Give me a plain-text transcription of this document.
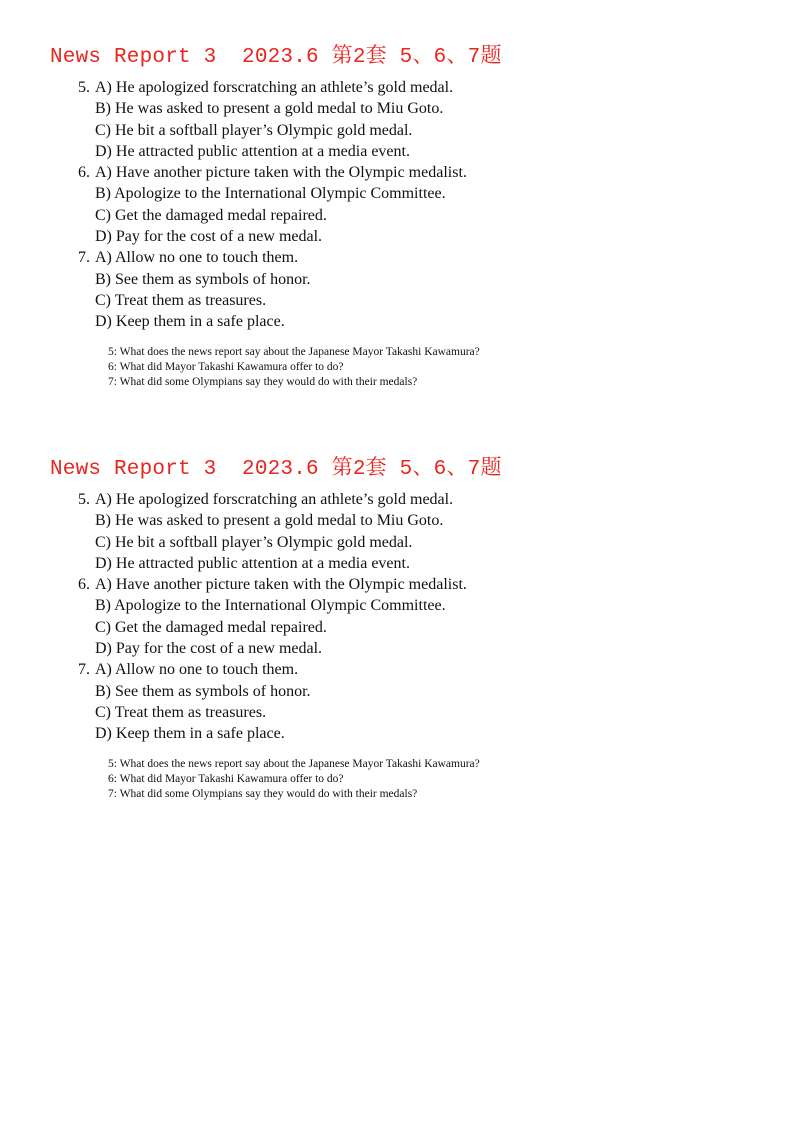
News Report 3  2023.6 第2套 5、6、7题
5. A) He apologized forscratching an athlete’s gold medal.
B) He was asked to present a gold medal to Miu Goto.
C) He bit a softball player’s Olympic gold medal.
D) He attracted public attention at a media event.
6. A) Have another picture taken with the Olympic medalist.
B) Apologize to the International Olympic Committee.
C) Get the damaged medal repaired.
D) Pay for the cost of a new medal.
7. A) Allow no one to touch them.
B) See them as symbols of honor.
C) Treat them as treasures.
D) Keep them in a safe place.
5: What does the news report say about the Japanese Mayor Takashi Kawamura?
6: What did Mayor Takashi Kawamura offer to do?
7: What did some Olympians say they would do with their medals?
News Report 3  2023.6 第2套 5、6、7题
5. A) He apologized forscratching an athlete’s gold medal.
B) He was asked to present a gold medal to Miu Goto.
C) He bit a softball player’s Olympic gold medal.
D) He attracted public attention at a media event.
6. A) Have another picture taken with the Olympic medalist.
B) Apologize to the International Olympic Committee.
C) Get the damaged medal repaired.
D) Pay for the cost of a new medal.
7. A) Allow no one to touch them.
B) See them as symbols of honor.
C) Treat them as treasures.
D) Keep them in a safe place.
5: What does the news report say about the Japanese Mayor Takashi Kawamura?
6: What did Mayor Takashi Kawamura offer to do?
7: What did some Olympians say they would do with their medals?
